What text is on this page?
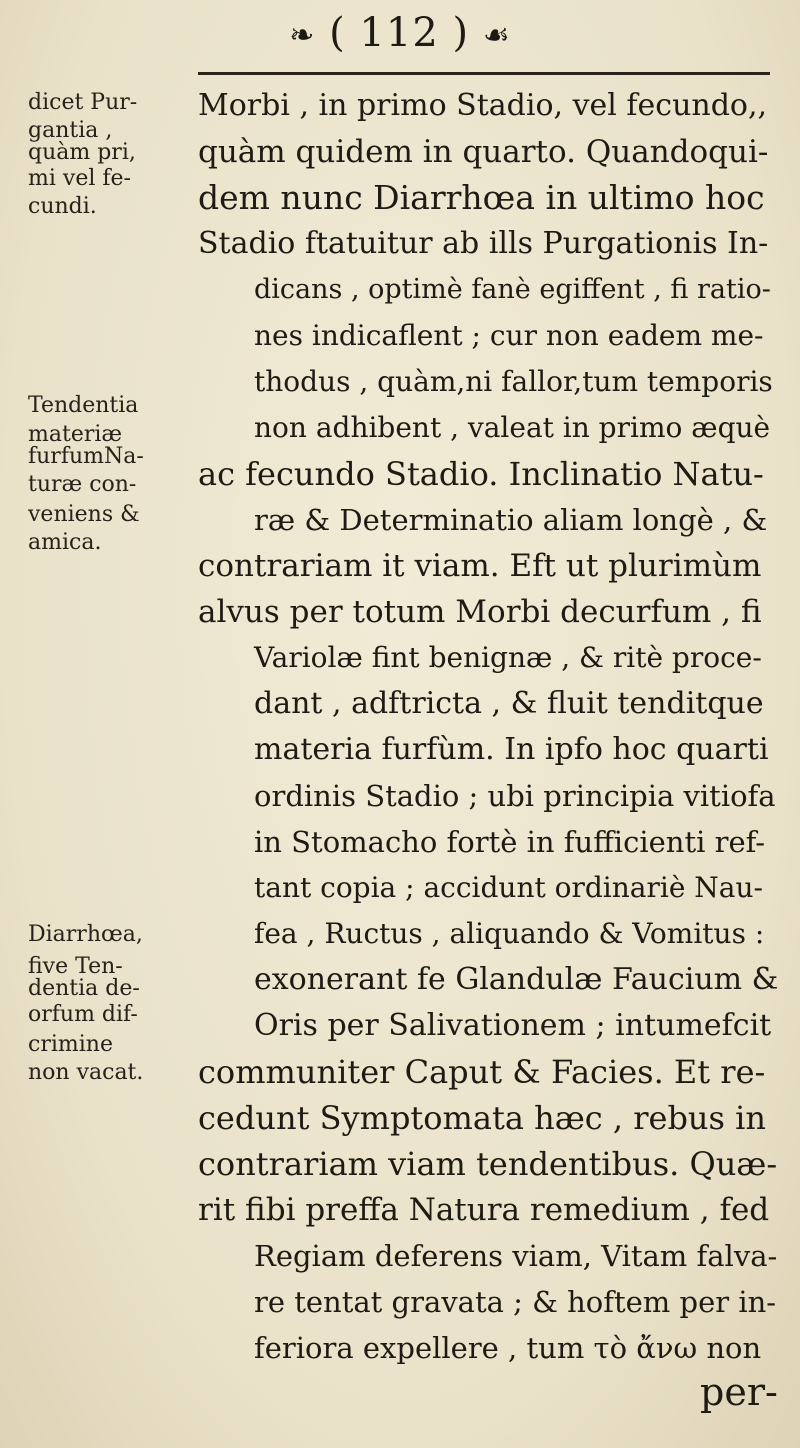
❧ ( 112 ) ☙
dicet Pur-
gantia ,
quàm pri,
mi vel fe-
cundi.
Tendentia
materiæ
furfumNa-
turæ con-
veniens &
amica.
Diarrhœa,
five Ten-
dentia de-
orfum dif-
crimine
non vacat.
Morbi , in primo Stadio, vel fecundo,,
quàm quidem in quarto. Quandoqui-
dem nunc Diarrhœa in ultimo hoc
Stadio ftatuitur ab ills Purgationis In-
dicans , optimè fanè egiffent , fi ratio-
nes indicaflent ; cur non eadem me-
thodus , quàm,ni fallor,tum temporis
non adhibent , valeat in primo æquè
ac fecundo Stadio. Inclinatio Natu-
ræ & Determinatio aliam longè , &
contrariam it viam. Eft ut plurimùm
alvus per totum Morbi decurfum , fi
Variolæ fint benignæ , & ritè proce-
dant , adftricta , & fluit tenditque
materia furfùm. In ipfo hoc quarti
ordinis Stadio ; ubi principia vitiofa
in Stomacho fortè in fufficienti ref-
tant copia ; accidunt ordinariè Nau-
fea , Ructus , aliquando & Vomitus :
exonerant fe Glandulæ Faucium &
Oris per Salivationem ; intumefcit
communiter Caput & Facies. Et re-
cedunt Symptomata hæc , rebus in
contrariam viam tendentibus. Quæ-
rit fibi preffa Natura remedium , fed
Regiam deferens viam, Vitam falva-
re tentat gravata ; & hoftem per in-
feriora expellere , tum τὸ ἄνω non
per-
